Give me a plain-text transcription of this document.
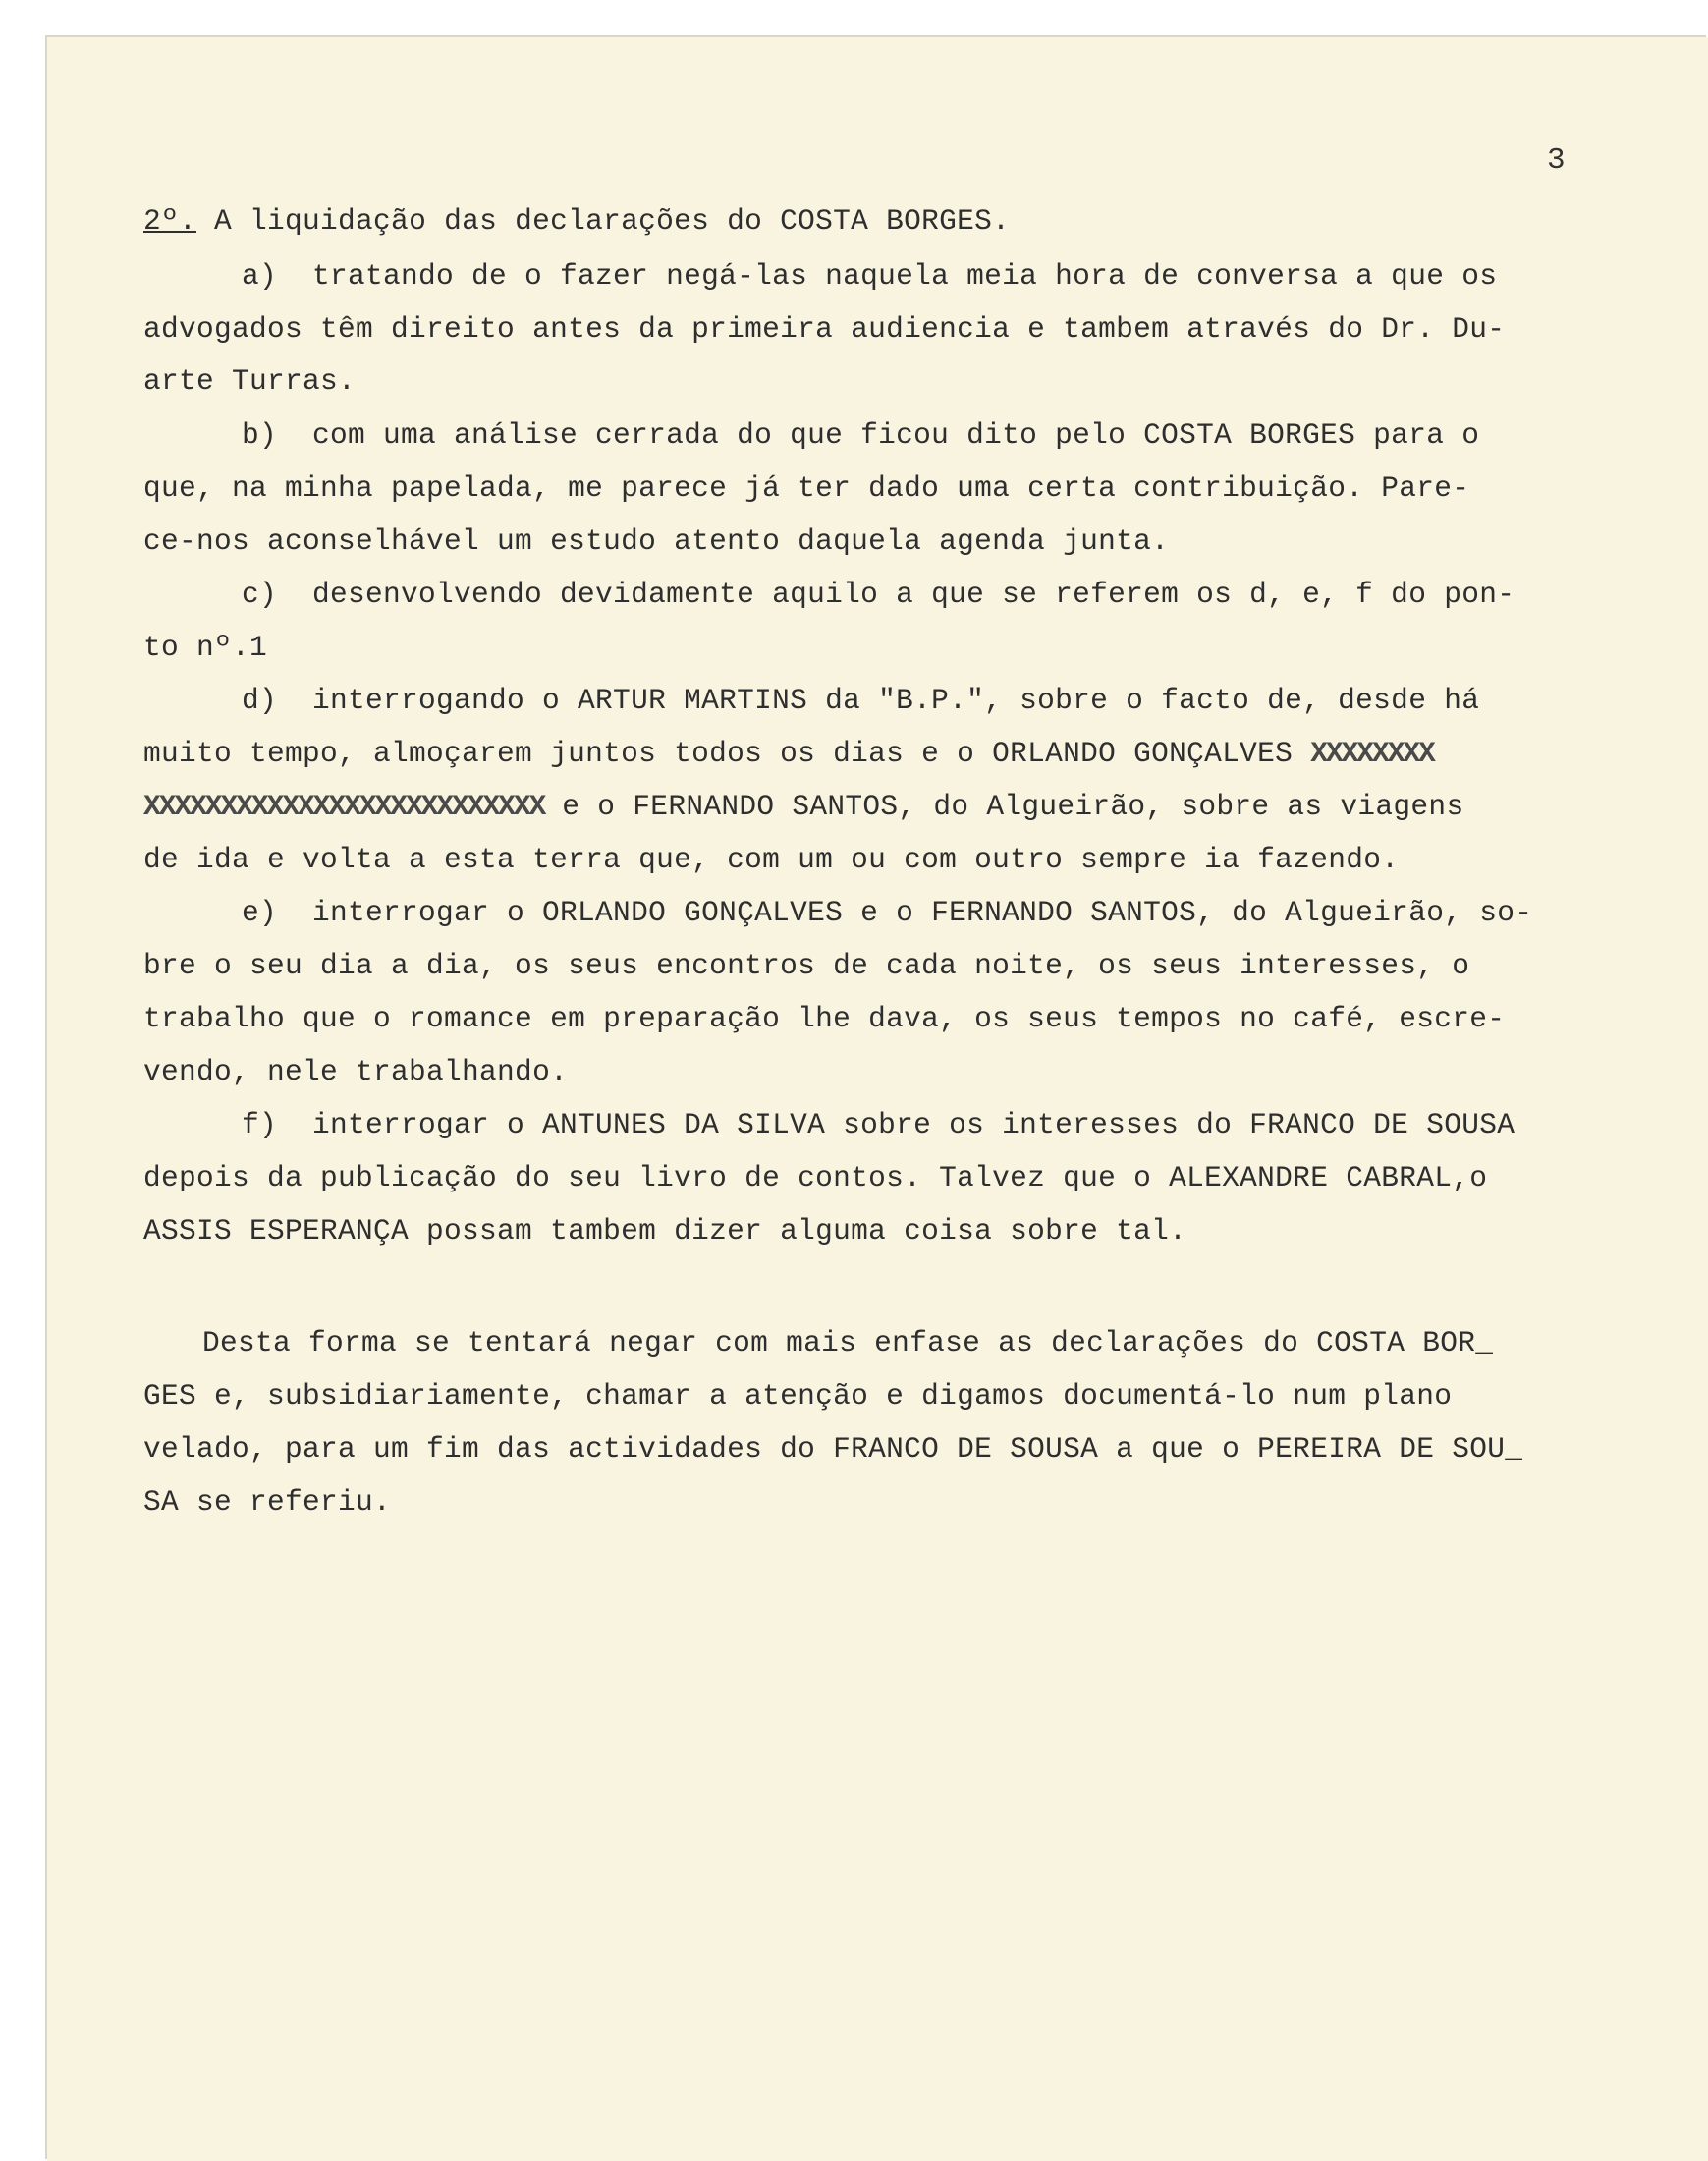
3
2º. A liquidação das declarações do COSTA BORGES.
a)  tratando de o fazer negá-las naquela meia hora de conversa a que os
advogados têm direito antes da primeira audiencia e tambem através do Dr. Du-
arte Turras.
b)  com uma análise cerrada do que ficou dito pelo COSTA BORGES para o
que, na minha papelada, me parece já ter dado uma certa contribuição. Pare-
ce-nos aconselhável um estudo atento daquela agenda junta.
c)  desenvolvendo devidamente aquilo a que se referem os d, e, f do pon-
to nº.1
d)  interrogando o ARTUR MARTINS da "B.P.", sobre o facto de, desde há
muito tempo, almoçarem juntos todos os dias e o ORLANDO GONÇALVES XXXXXXXX
XXXXXXXXXXXXXXXXXXXXXXXXXX e o FERNANDO SANTOS, do Algueirão, sobre as viagens
de ida e volta a esta terra que, com um ou com outro sempre ia fazendo.
e)  interrogar o ORLANDO GONÇALVES e o FERNANDO SANTOS, do Algueirão, so-
bre o seu dia a dia, os seus encontros de cada noite, os seus interesses, o
trabalho que o romance em preparação lhe dava, os seus tempos no café, escre-
vendo, nele trabalhando.
f)  interrogar o ANTUNES DA SILVA sobre os interesses do FRANCO DE SOUSA
depois da publicação do seu livro de contos. Talvez que o ALEXANDRE CABRAL,o
ASSIS ESPERANÇA possam tambem dizer alguma coisa sobre tal.
Desta forma se tentará negar com mais enfase as declarações do COSTA BOR_
GES e, subsidiariamente, chamar a atenção e digamos documentá-lo num plano
velado, para um fim das actividades do FRANCO DE SOUSA a que o PEREIRA DE SOU_
SA se referiu.
